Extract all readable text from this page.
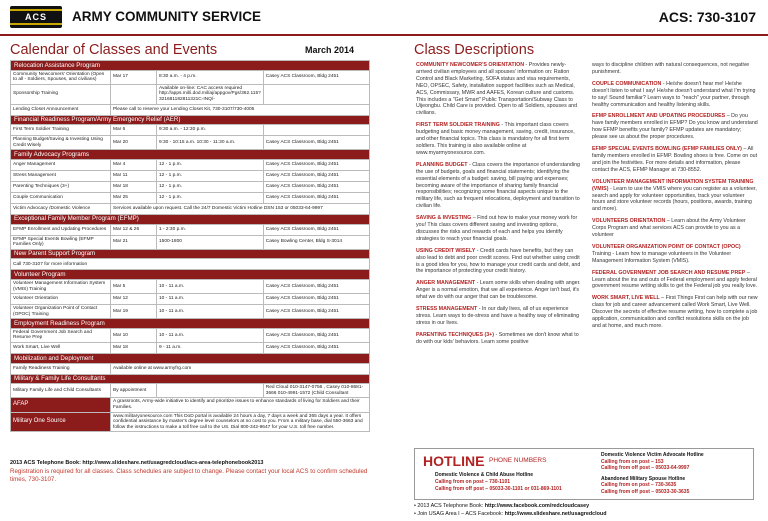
ACS ARMY COMMUNITY SERVICE	ACS: 730-3107
Calendar of Classes and Events	March 2014
Relocation Assistance Program			
Community Newcomers' Orientation (Open to all - Soldiers, Spouses, and civilians)	Mar 17	8:30 a.m. - 4 p.m.	Casey ACS Classroom, Bldg 2451
Sponsorship Training		Available on-line: CAC access required http://apps.mil/i.dod.mil/aj/appgov/Pgs/362.115?321681182811321C-INQ/-	
Lending Closet Announcement	Please call to reserve your Lending Closet Kit, 730-3107/730-4005		
Financial Readiness Program/Army Emergency Relief (AER)			
First Term Soldier Training	Mar 6	9:30 a.m. - 12:30 p.m.	
Planning Budget/Saving & Investing Using Credit Wisely	Mar 20	9:30 - 10:15 a.m. 10:30 - 11:30 a.m.	Casey ACS Classroom, Bldg 2451
Family Advocacy Programs			
Anger Management	Mar 4	12 - 1 p.m.	Casey ACS Classroom, Bldg 2451
Stress Management	Mar 11	12 - 1 p.m.	Casey ACS Classroom, Bldg 2451
Parenting Techniques (3+)	Mar 18	12 - 1 p.m.	Casey ACS Classroom, Bldg 2451
Couple Communication	Mar 25	12 - 1 p.m.	Casey ACS Classroom, Bldg 2451
Victim Advocacy /Domestic Violence	Services available upon request. Call the 24/7 Domestic Victim Hotline DSN 153 or 05033-64-9997		
Exceptional Family Member Program (EFMP)			
EFMP Enrollment and Updating Procedures	Mar 12 & 26	1 - 2:30 p.m.	Casey ACS Classroom, Bldg 2451
EFMP Special Events Bowling (EFMP Families Only)	Mar 21	1500-1800	Casey Bowling Center, Bldg S-3014
New Parent Support Program			
Call 730-3107 for more information			
Volunteer Program			
Volunteer Management Information System (VMIS) Training	Mar 5	10 - 11 a.m.	Casey ACS Classroom, Bldg 2451
Volunteer Orientation	Mar 12	10 - 11 a.m.	Casey ACS Classroom, Bldg 2451
Volunteer Organization Point of Contact (OPOC) Training	Mar 19	10 - 11 a.m.	Casey ACS Classroom, Bldg 2451
Employment Readiness Program			
Federal Government Job Search and Resume Prep	Mar 10	10 - 11 a.m.	Casey ACS Classroom, Bldg 2451
Work Smart, Live Well	Mar 18	9 - 11 a.m.	Casey ACS Classroom, Bldg 2451
Mobilization and Deployment			
Family Readiness Training	Available online at www.armyfrg.com		
Military & Family Life Consultants			
Military Family Life and Child Consultants	By appointment		Red Cloud 010-3147-0756 , Casey 010-8681-3666 010-4991-1572 (Child Consultant
AFAP	A grassroots, Army-wide initiative to identify and prioritize issues to enhance standards of living for Soldiers and their Families.		
Military One Source	www.militaryonesource.com This DoD portal is available 24 hours a day, 7 days a week and 365 days a year. It offers confidential assistance by master's degree level counselors at no cost to you. From a military base, dial 550-3663 and follow the instructions to make a toll free call to the US. Dial 800-342-9647 for your U.S. toll free number.		
2013 ACS Telephone Book: http://www.slideshare.net/usagredcloud/acs-area-telephonebook2013
Registration is required for all classes. Class schedules are subject to change. Please contact your local ACS to confirm scheduled times, 730-3107.
Class Descriptions

COMMUNITY NEWCOMER'S ORIENTATION - Provides newly-arrived civilian employees and all spouses' information on: Ration Control and Black Marketing, SOFA status and visa requirements, NEO, OPSEC, Safety, installation support facilities such as Medical, ACS, Commissary, MWR and AAFES, Korean culture and customs. This includes a "Get Smart" Public Transportation/Subway Class to Uijeongbu. Child Care is provided. Open to all Soldiers, spouses and civilians.

FIRST TERM SOLDIER TRAINING - This important class covers budgeting and basic money management, saving, credit, insurance, and other financial topics. This class is mandatory for all first term soldiers. This training is also available online at www.myarmyonesource.com.

PLANNING BUDGET - Class covers the importance of understanding the use of budgets, goals and financial statements; identifying the essential elements of a budget: saving, bill paying and expenses; becoming aware of the importance of sharing family financial responsibilities; recognizing some financial aspects unique to the military life, such as frequent relocations, deployment and transition to civilian life.

SAVING & INVESTING – Find out how to make your money work for you! This class covers different saving and investing options, discusses the risks and rewards of each and helps you identify strategies to reach your financial goals.

USING CREDIT WISELY - Credit cards have benefits, but they can also lead to debt and poor credit scores. Find out whether using credit is a good idea for you, how to manage your credit cards and debt, and the importance of protecting your credit history.

ANGER MANAGEMENT - Learn some skills when dealing with anger. Anger is a normal emotion, that we all experience. Anger isn't bad, it's what we do with our anger that can be troublesome.

STRESS MANAGEMENT - In our daily lives, all of us experience stress. Learn ways to de-stress and have a healthy way of eliminating stress in our lives.

PARENTING TECHNIQUES (3+) - Sometimes we don't know what to do with our kids' behaviors. Learn some positive

ways to discipline children with natural consequences, not negative punishment.

COUPLE COMMUNICATION - He/she doesn't hear me! He/she doesn't listen to what I say! He/she doesn't understand what I'm trying to say! Sound familiar? Learn ways to "reach" your partner, through healthy communication and healthy listening skills.

EFMP ENROLLMENT AND UPDATING PROCEDURES – Do you have family members enrolled in EFMP? Do you know and understand how EFMP benefits your family? EFMP updates are mandatory; please see us about the proper procedures.

EFMP SPECIAL EVENTS BOWLING (EFMP FAMILIES ONLY) – All family members enrolled in EFMP. Bowling shoes is free. Come on out and join the festivities. For more details and information, please contact the ACS, EFMP Manager at 730-8552.

VOLUNTEER MANAGEMENT INFORMATION SYSTEM TRAINING (VMIS) - Learn to use the VMIS where you can register as a volunteer, search and apply for volunteer opportunities, track your volunteer hours and store volunteer records (hours, positions, awards, training and more).

VOLUNTEERS ORIENTATION – Learn about the Army Volunteer Corps Program and what services ACS can provide to you as a volunteer

VOLUNTEER ORGANIZATION POINT OF CONTACT (OPOC) Training - Learn how to manage volunteers in the Volunteer Management Information System (VMIS).

FEDERAL GOVERNMENT JOB SEARCH AND RESUME PREP – Learn about the ins and outs of Federal employment and apply federal government resume writing skills to get the Federal job you really love.

WORK SMART, LIVE WELL – First Things First can help with our new class for job and career advancement called Work Smart, Live Well. Discover the secrets of effective resume writing, how to complete a job application, communication and conflict resolutions skills on the job and at home, and much more.

HOTLINE PHONE NUMBERS
Domestic Violence & Child Abuse Hotline
Calling from on post – 730-1101
Calling from off post – 05033-30-1101 or 031-869-1101
Domestic Violence Victim Advocate Hotline
Calling from on post – 153
Calling from off post – 05033-64-9997
Abandoned Military Spouse Hotline
Calling from on post – 730-3635
Calling from off post – 05033-30-3635
• 2013 ACS Telephone Book: http://www.facebook.com/redcloudcasey
• Join USAG Area I – ACS Facebook: http://www.slideshare.net/usagredcloud
